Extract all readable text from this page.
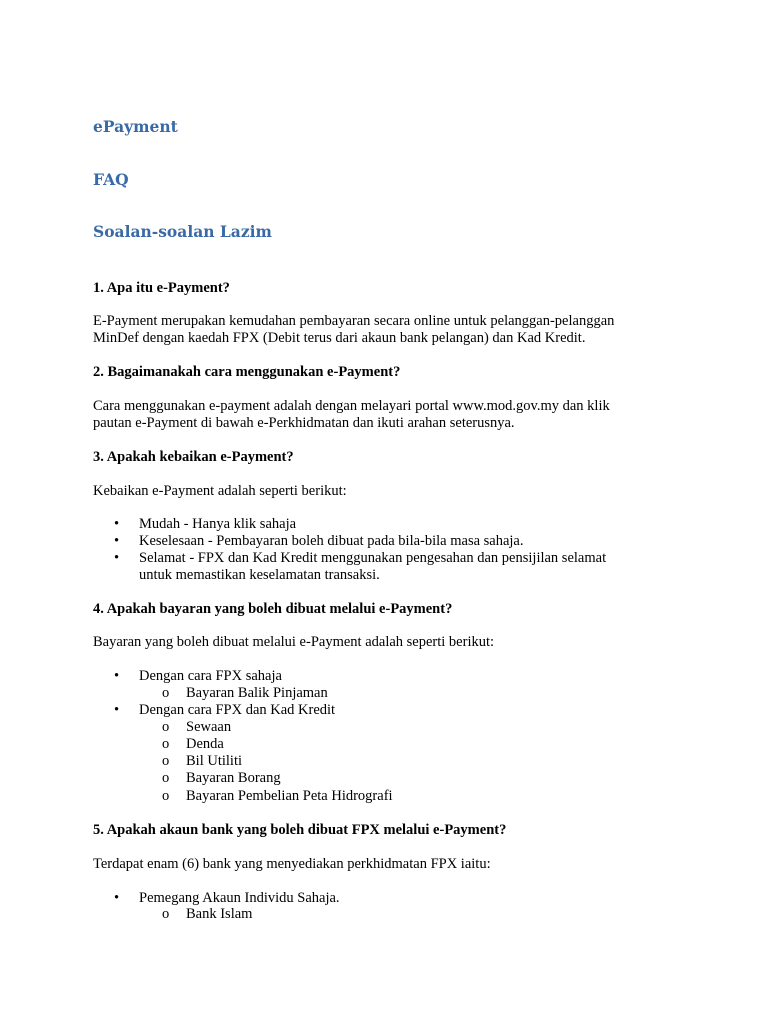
ePayment
FAQ
Soalan-soalan Lazim
1. Apa itu e-Payment?
E-Payment merupakan kemudahan pembayaran secara online untuk pelanggan-pelanggan
MinDef dengan kaedah FPX (Debit terus dari akaun bank pelangan) dan Kad Kredit.
2. Bagaimanakah cara menggunakan e-Payment?
Cara menggunakan e-payment adalah dengan melayari portal www.mod.gov.my dan klik
pautan e-Payment di bawah e-Perkhidmatan dan ikuti arahan seterusnya.
3. Apakah kebaikan e-Payment?
Kebaikan e-Payment adalah seperti berikut:
• Mudah - Hanya klik sahaja
• Keselesaan - Pembayaran boleh dibuat pada bila-bila masa sahaja.
• Selamat - FPX dan Kad Kredit menggunakan pengesahan dan pensijilan selamat
untuk memastikan keselamatan transaksi.
4. Apakah bayaran yang boleh dibuat melalui e-Payment?
Bayaran yang boleh dibuat melalui e-Payment adalah seperti berikut:
• Dengan cara FPX sahaja
o Bayaran Balik Pinjaman
• Dengan cara FPX dan Kad Kredit
o Sewaan
o Denda
o Bil Utiliti
o Bayaran Borang
o Bayaran Pembelian Peta Hidrografi
5. Apakah akaun bank yang boleh dibuat FPX melalui e-Payment?
Terdapat enam (6) bank yang menyediakan perkhidmatan FPX iaitu:
• Pemegang Akaun Individu Sahaja.
o Bank Islam
